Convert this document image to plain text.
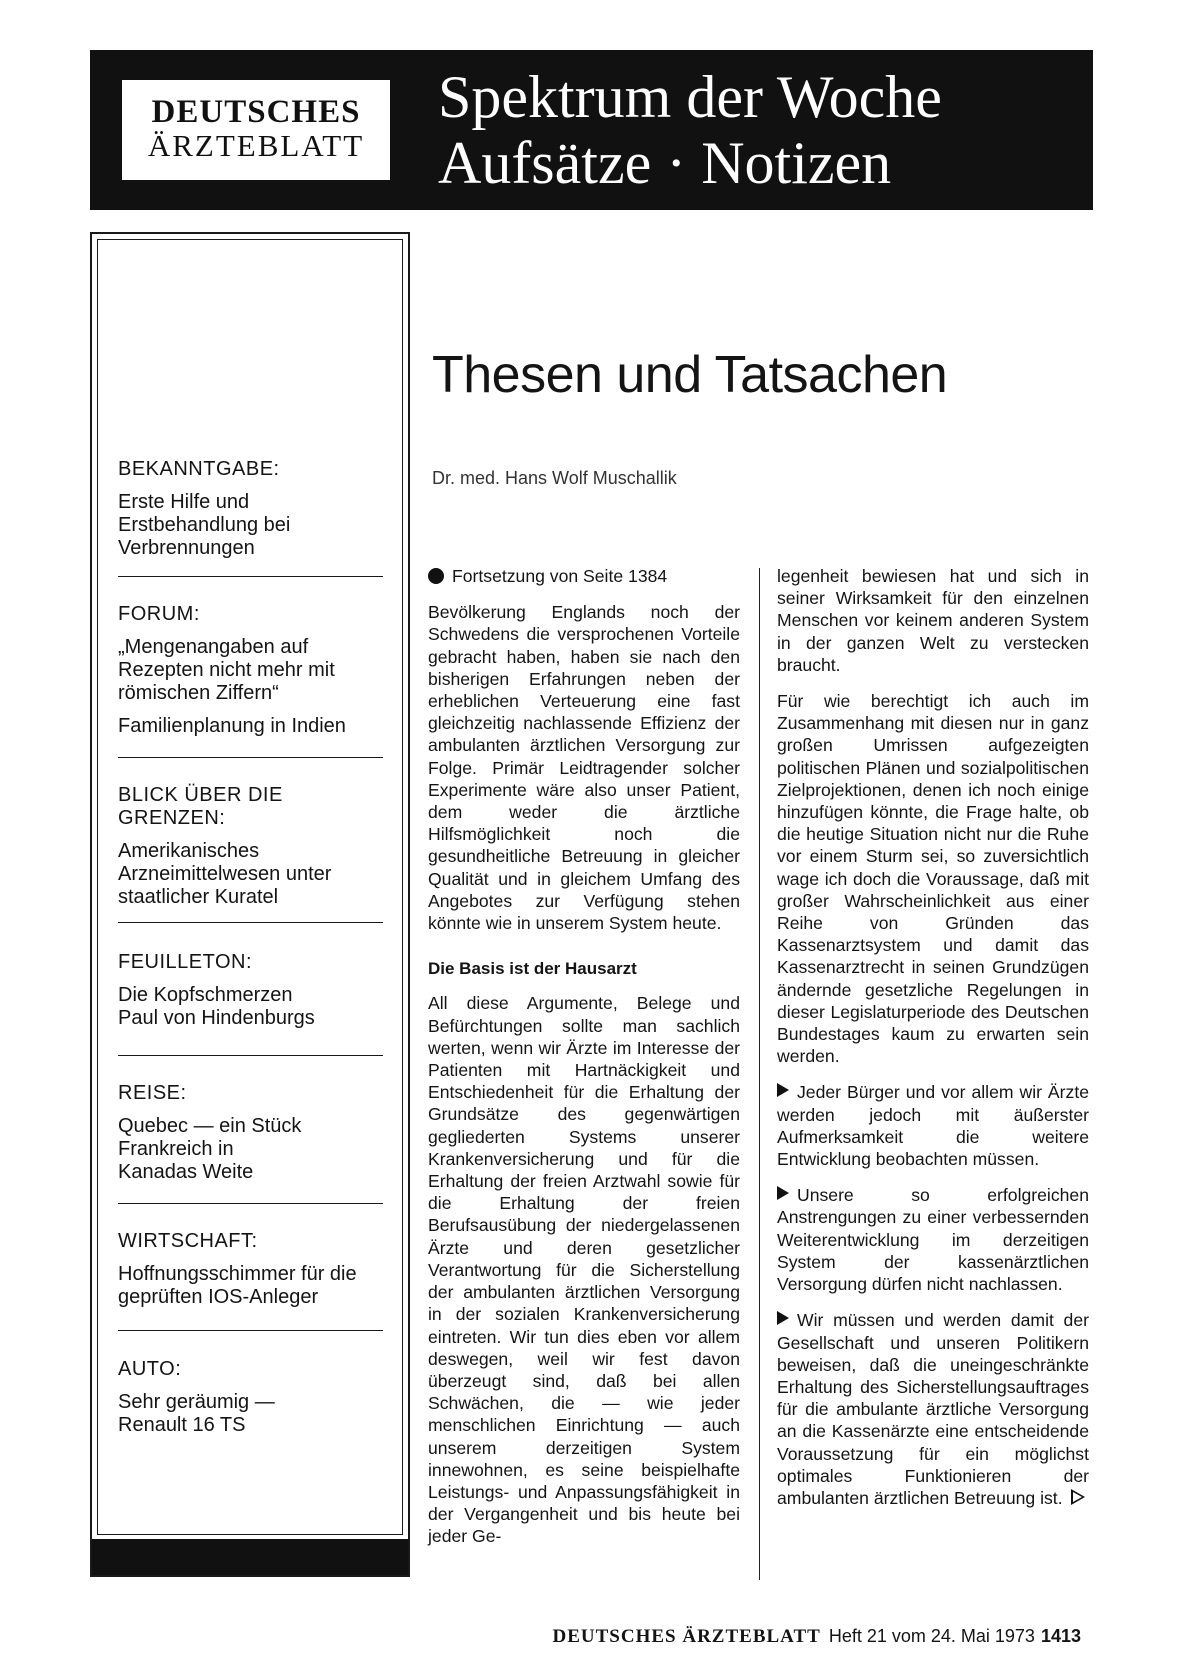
DEUTSCHES
ÄRZTEBLATT
Spektrum der Woche
Aufsätze · Notizen
BEKANNTGABE:
Erste Hilfe und Erstbehandlung bei Verbrennungen
FORUM:
„Mengenangaben auf Rezepten nicht mehr mit römischen Ziffern“
Familienplanung in Indien
BLICK ÜBER DIE GRENZEN:
Amerikanisches Arzneimittelwesen unter staatlicher Kuratel
FEUILLETON:
Die Kopfschmerzen Paul von Hindenburgs
REISE:
Quebec — ein Stück Frankreich in Kanadas Weite
WIRTSCHAFT:
Hoffnungsschimmer für die geprüften IOS-Anleger
AUTO:
Sehr geräumig — Renault 16 TS
Thesen und Tatsachen
Dr. med. Hans Wolf Muschallik
Fortsetzung von Seite 1384

Bevölkerung Englands noch der Schwedens die versprochenen Vorteile gebracht haben, haben sie nach den bisherigen Erfahrungen neben der erheblichen Verteuerung eine fast gleichzeitig nachlassende Effizienz der ambulanten ärztlichen Versorgung zur Folge. Primär Leidtragender solcher Experimente wäre also unser Patient, dem weder die ärztliche Hilfsmöglichkeit noch die gesundheitliche Betreuung in gleicher Qualität und in gleichem Umfang des Angebotes zur Verfügung stehen könnte wie in unserem System heute.

Die Basis ist der Hausarzt

All diese Argumente, Belege und Befürchtungen sollte man sachlich werten, wenn wir Ärzte im Interesse der Patienten mit Hartnäckigkeit und Entschiedenheit für die Erhaltung der Grundsätze des gegenwärtigen gegliederten Systems unserer Krankenversicherung und für die Erhaltung der freien Arztwahl sowie für die Erhaltung der freien Berufsausübung der niedergelassenen Ärzte und deren gesetzlicher Verantwortung für die Sicherstellung der ambulanten ärztlichen Versorgung in der sozialen Krankenversicherung eintreten. Wir tun dies eben vor allem deswegen, weil wir fest davon überzeugt sind, daß bei allen Schwächen, die — wie jeder menschlichen Einrichtung — auch unserem derzeitigen System innewohnen, es seine beispielhafte Leistungs- und Anpassungsfähigkeit in der Vergangenheit und bis heute bei jeder Ge-

legenheit bewiesen hat und sich in seiner Wirksamkeit für den einzelnen Menschen vor keinem anderen System in der ganzen Welt zu verstecken braucht.

Für wie berechtigt ich auch im Zusammenhang mit diesen nur in ganz großen Umrissen aufgezeigten politischen Plänen und sozialpolitischen Zielprojektionen, denen ich noch einige hinzufügen könnte, die Frage halte, ob die heutige Situation nicht nur die Ruhe vor einem Sturm sei, so zuversichtlich wage ich doch die Voraussage, daß mit großer Wahrscheinlichkeit aus einer Reihe von Gründen das Kassenarztsystem und damit das Kassenarztrecht in seinen Grundzügen ändernde gesetzliche Regelungen in dieser Legislaturperiode des Deutschen Bundestages kaum zu erwarten sein werden.

Jeder Bürger und vor allem wir Ärzte werden jedoch mit äußerster Aufmerksamkeit die weitere Entwicklung beobachten müssen.

Unsere so erfolgreichen Anstrengungen zu einer verbessernden Weiterentwicklung im derzeitigen System der kassenärztlichen Versorgung dürfen nicht nachlassen.

Wir müssen und werden damit der Gesellschaft und unseren Politikern beweisen, daß die uneingeschränkte Erhaltung des Sicherstellungsauftrages für die ambulante ärztliche Versorgung an die Kassenärzte eine entscheidende Voraussetzung für ein möglichst optimales Funktionieren der ambulanten ärztlichen Betreuung ist.

DEUTSCHES ÄRZTEBLATT Heft 21 vom 24. Mai 1973 1413
